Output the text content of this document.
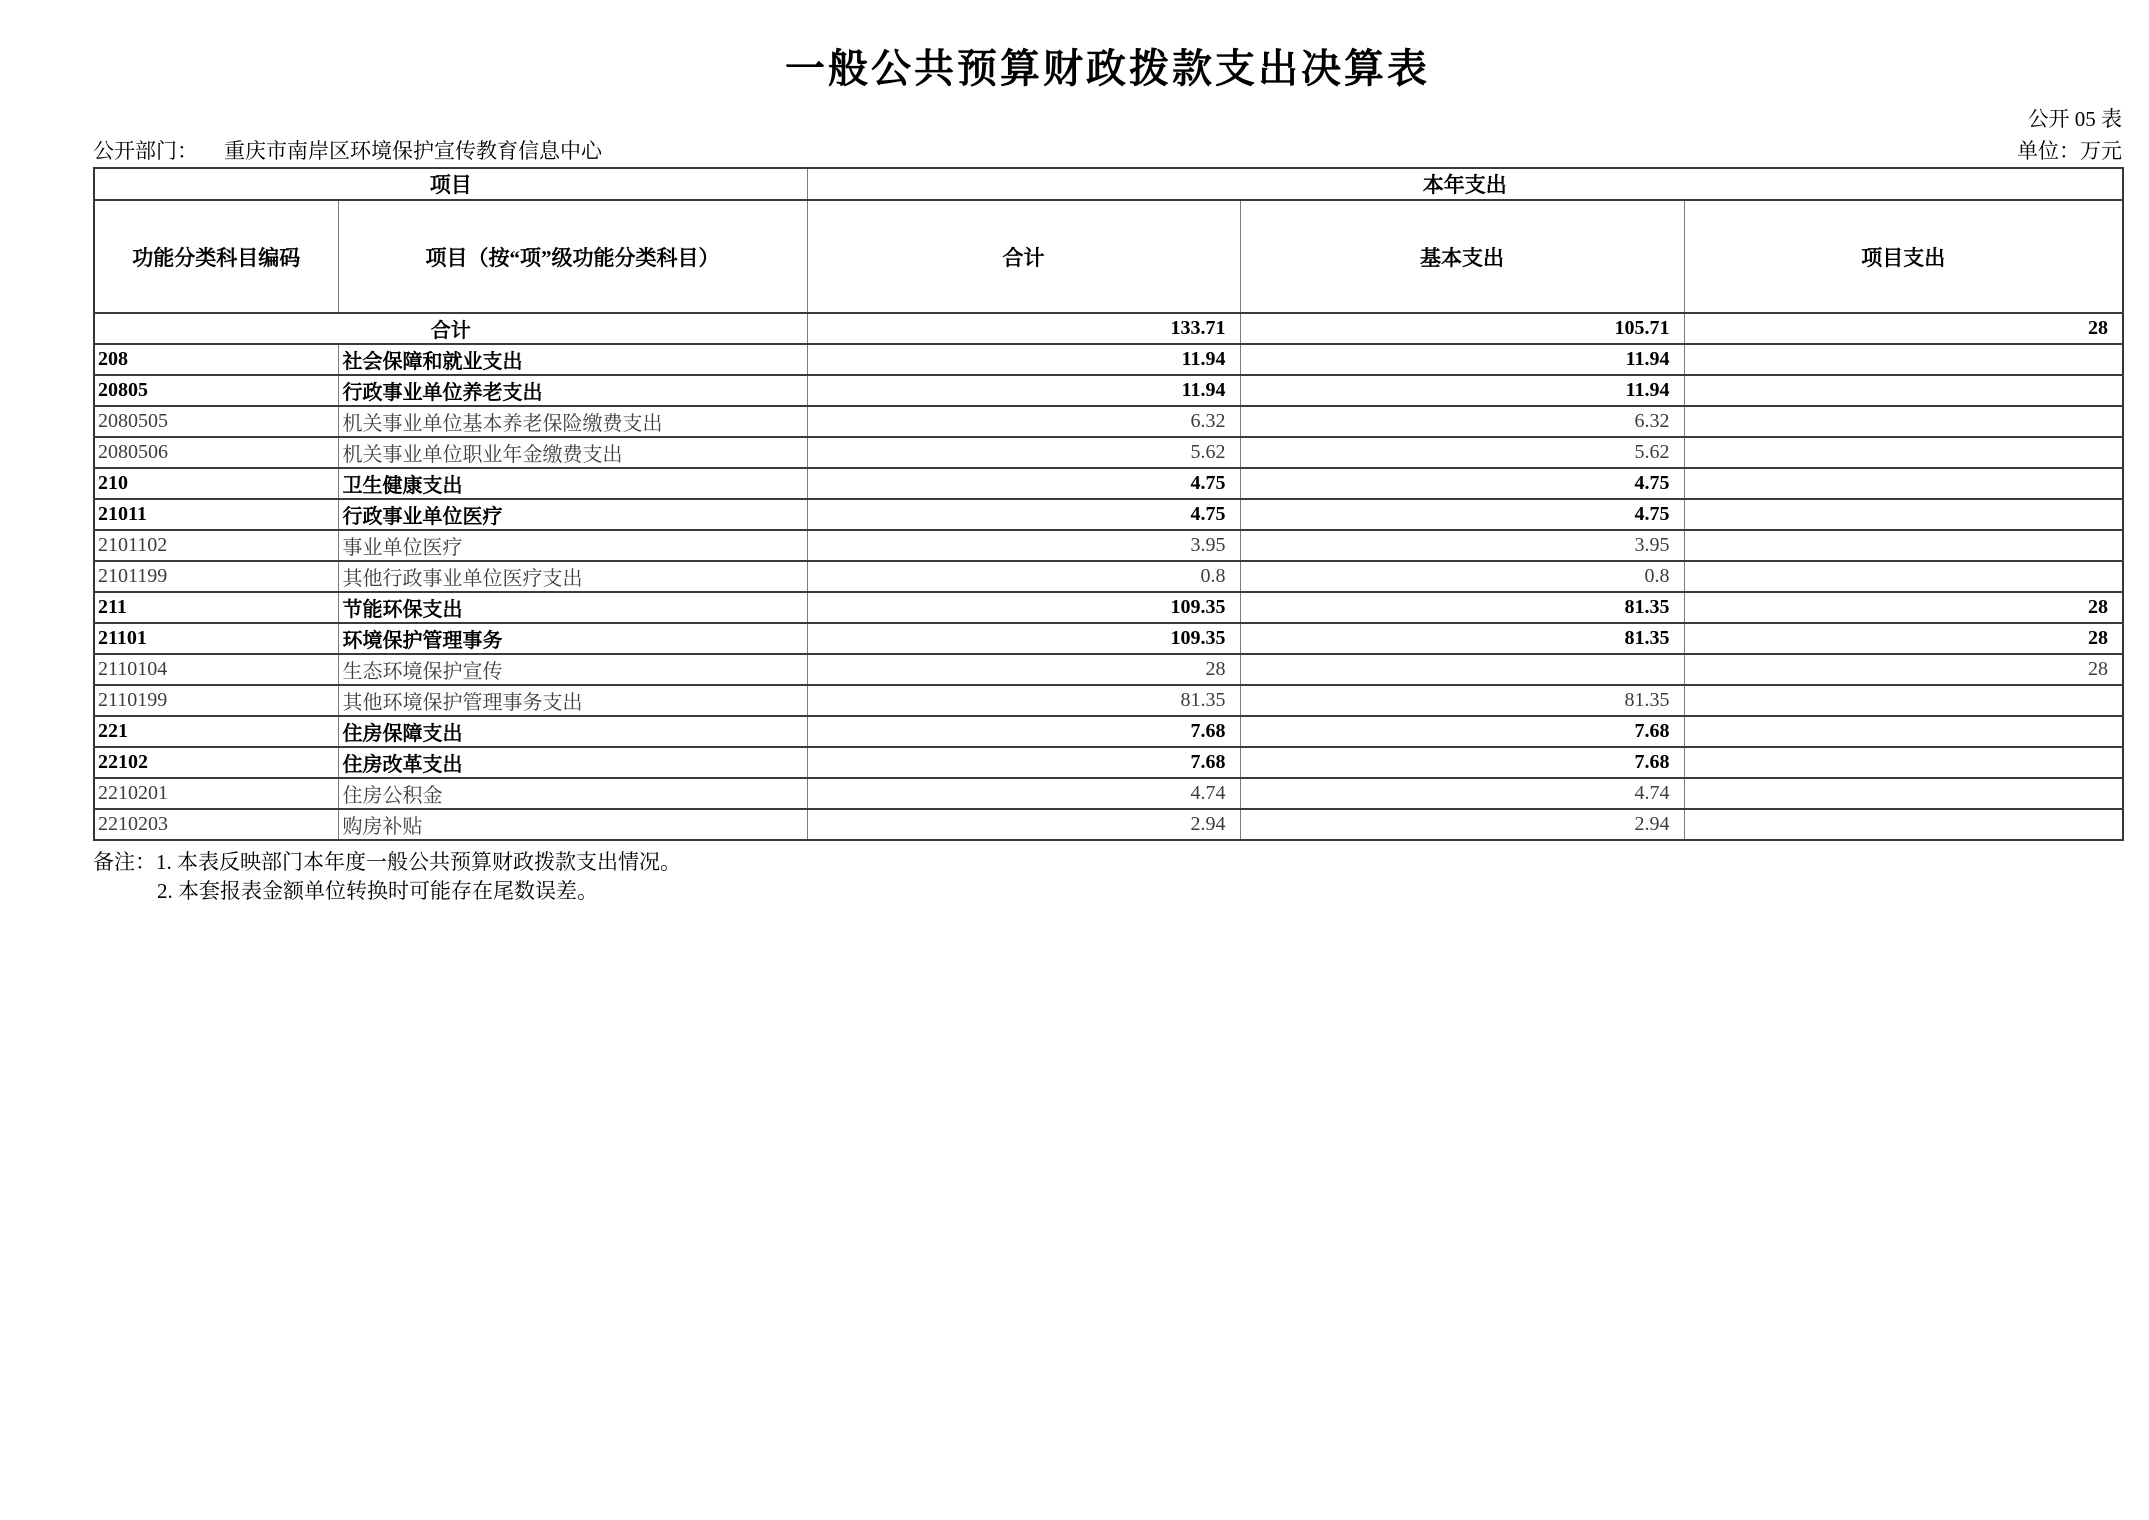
一般公共预算财政拨款支出决算表
公开 05 表
公开部门： 重庆市南岸区环境保护宣传教育信息中心	单位：万元
项目		本年支出		
功能分类科目编码	项目（按“项”级功能分类科目）	合计	基本支出	项目支出
合计		133.71	105.71	28
208	社会保障和就业支出	11.94	11.94	
20805	行政事业单位养老支出	11.94	11.94	
2080505	机关事业单位基本养老保险缴费支出	6.32	6.32	
2080506	机关事业单位职业年金缴费支出	5.62	5.62	
210	卫生健康支出	4.75	4.75	
21011	行政事业单位医疗	4.75	4.75	
2101102	事业单位医疗	3.95	3.95	
2101199	其他行政事业单位医疗支出	0.8	0.8	
211	节能环保支出	109.35	81.35	28
21101	环境保护管理事务	109.35	81.35	28
2110104	生态环境保护宣传	28		28
2110199	其他环境保护管理事务支出	81.35	81.35	
221	住房保障支出	7.68	7.68	
22102	住房改革支出	7.68	7.68	
2210201	住房公积金	4.74	4.74	
2210203	购房补贴	2.94	2.94	
备注： 1. 本表反映部门本年度一般公共预算财政拨款支出情况。
2. 本套报表金额单位转换时可能存在尾数误差。
